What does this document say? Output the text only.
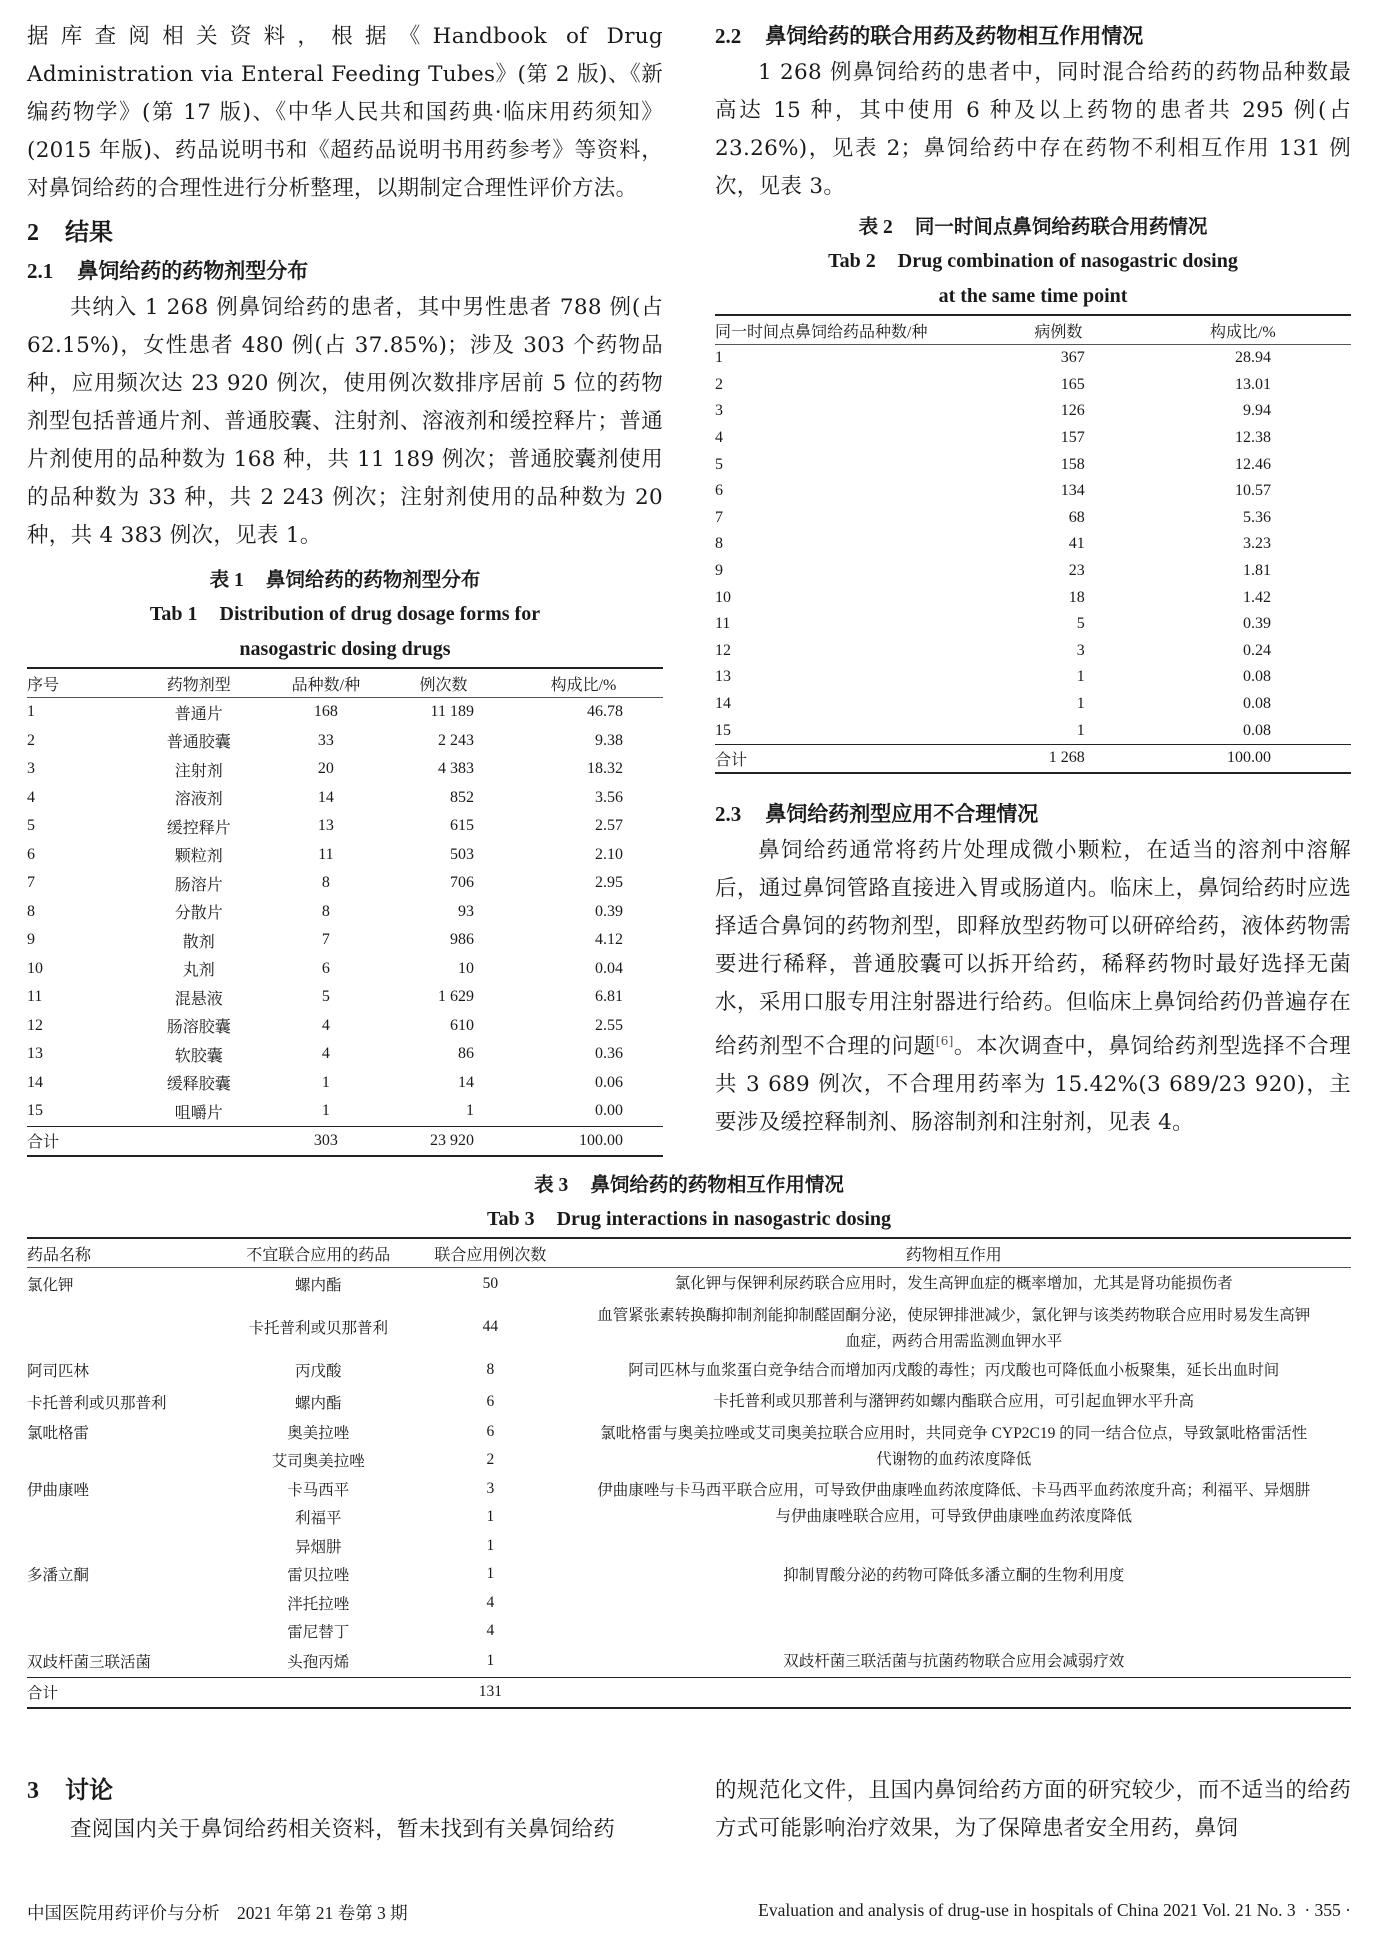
据库查阅相关资料，根据《Handbook of Drug Administration via Enteral Feeding Tubes》(第 2 版)、《新编药物学》(第 17 版)、《中华人民共和国药典·临床用药须知》(2015 年版)、药品说明书和《超药品说明书用药参考》等资料，对鼻饲给药的合理性进行分析整理，以期制定合理性评价方法。

2 结果
2.1 鼻饲给药的药物剂型分布

共纳入 1 268 例鼻饲给药的患者，其中男性患者 788 例(占 62.15%)，女性患者 480 例(占 37.85%)；涉及 303 个药物品种，应用频次达 23 920 例次，使用例次数排序居前 5 位的药物剂型包括普通片剂、普通胶囊、注射剂、溶液剂和缓控释片；普通片剂使用的品种数为 168 种，共 11 189 例次；普通胶囊剂使用的品种数为 33 种，共 2 243 例次；注射剂使用的品种数为 20 种，共 4 383 例次，见表 1。

表 1 鼻饲给药的药物剂型分布
Tab 1 Distribution of drug dosage forms for
nasogastric dosing drugs
序号	药物剂型	品种数/种	例次数	构成比/%
1	普通片	168	11 189	46.78
2	普通胶囊	33	2 243	9.38
3	注射剂	20	4 383	18.32
4	溶液剂	14	852	3.56
5	缓控释片	13	615	2.57
6	颗粒剂	11	503	2.10
7	肠溶片	8	706	2.95
8	分散片	8	93	0.39
9	散剂	7	986	4.12
10	丸剂	6	10	0.04
11	混悬液	5	1 629	6.81
12	肠溶胶囊	4	610	2.55
13	软胶囊	4	86	0.36
14	缓释胶囊	1	14	0.06
15	咀嚼片	1	1	0.00
合计		303	23 920	100.00
2.2 鼻饲给药的联合用药及药物相互作用情况

1 268 例鼻饲给药的患者中，同时混合给药的药物品种数最高达 15 种，其中使用 6 种及以上药物的患者共 295 例(占 23.26%)，见表 2；鼻饲给药中存在药物不利相互作用 131 例次，见表 3。

表 2 同一时间点鼻饲给药联合用药情况
Tab 2 Drug combination of nasogastric dosing
at the same time point
同一时间点鼻饲给药品种数/种	病例数	构成比/%
1	367	28.94
2	165	13.01
3	126	9.94
4	157	12.38
5	158	12.46
6	134	10.57
7	68	5.36
8	41	3.23
9	23	1.81
10	18	1.42
11	5	0.39
12	3	0.24
13	1	0.08
14	1	0.08
15	1	0.08
合计	1 268	100.00
2.3 鼻饲给药剂型应用不合理情况

鼻饲给药通常将药片处理成微小颗粒，在适当的溶剂中溶解后，通过鼻饲管路直接进入胃或肠道内。临床上，鼻饲给药时应选择适合鼻饲的药物剂型，即释放型药物可以研碎给药，液体药物需要进行稀释，普通胶囊可以拆开给药，稀释药物时最好选择无菌水，采用口服专用注射器进行给药。但临床上鼻饲给药仍普遍存在给药剂型不合理的问题[6]。本次调查中，鼻饲给药剂型选择不合理共 3 689 例次，不合理用药率为 15.42%(3 689/23 920)，主要涉及缓控释制剂、肠溶制剂和注射剂，见表 4。

表 3 鼻饲给药的药物相互作用情况
Tab 3 Drug interactions in nasogastric dosing
药品名称	不宜联合应用的药品	联合应用例次数	药物相互作用
氯化钾	螺内酯	50	氯化钾与保钾利尿药联合应用时，发生高钾血症的概率增加，尤其是肾功能损伤者
	卡托普利或贝那普利	44	血管紧张素转换酶抑制剂能抑制醛固酮分泌，使尿钾排泄减少，氯化钾与该类药物联合应用时易发生高钾血症，两药合用需监测血钾水平
阿司匹林	丙戊酸	8	阿司匹林与血浆蛋白竞争结合而增加丙戊酸的毒性；丙戊酸也可降低血小板聚集，延长出血时间
卡托普利或贝那普利	螺内酯	6	卡托普利或贝那普利与潴钾药如螺内酯联合应用，可引起血钾水平升高
氯吡格雷	奥美拉唑	6	氯吡格雷与奥美拉唑或艾司奥美拉联合应用时，共同竞争 CYP2C19 的同一结合位点，导致氯吡格雷活性代谢物的血药浓度降低
	艾司奥美拉唑	2	
伊曲康唑	卡马西平	3	伊曲康唑与卡马西平联合应用，可导致伊曲康唑血药浓度降低、卡马西平血药浓度升高；利福平、异烟肼与伊曲康唑联合应用，可导致伊曲康唑血药浓度降低
	利福平	1	
	异烟肼	1	
多潘立酮	雷贝拉唑	1	抑制胃酸分泌的药物可降低多潘立酮的生物利用度
	泮托拉唑	4	
	雷尼替丁	4	
双歧杆菌三联活菌	头孢丙烯	1	双歧杆菌三联活菌与抗菌药物联合应用会减弱疗效
合计		131	
3 讨论

查阅国内关于鼻饲给药相关资料，暂未找到有关鼻饲给药

的规范化文件，且国内鼻饲给药方面的研究较少，而不适当的给药方式可能影响治疗效果，为了保障患者安全用药，鼻饲

中国医院用药评价与分析　2021 年第 21 卷第 3 期	Evaluation and analysis of drug-use in hospitals of China 2021 Vol. 21 No. 3 · 355 ·
